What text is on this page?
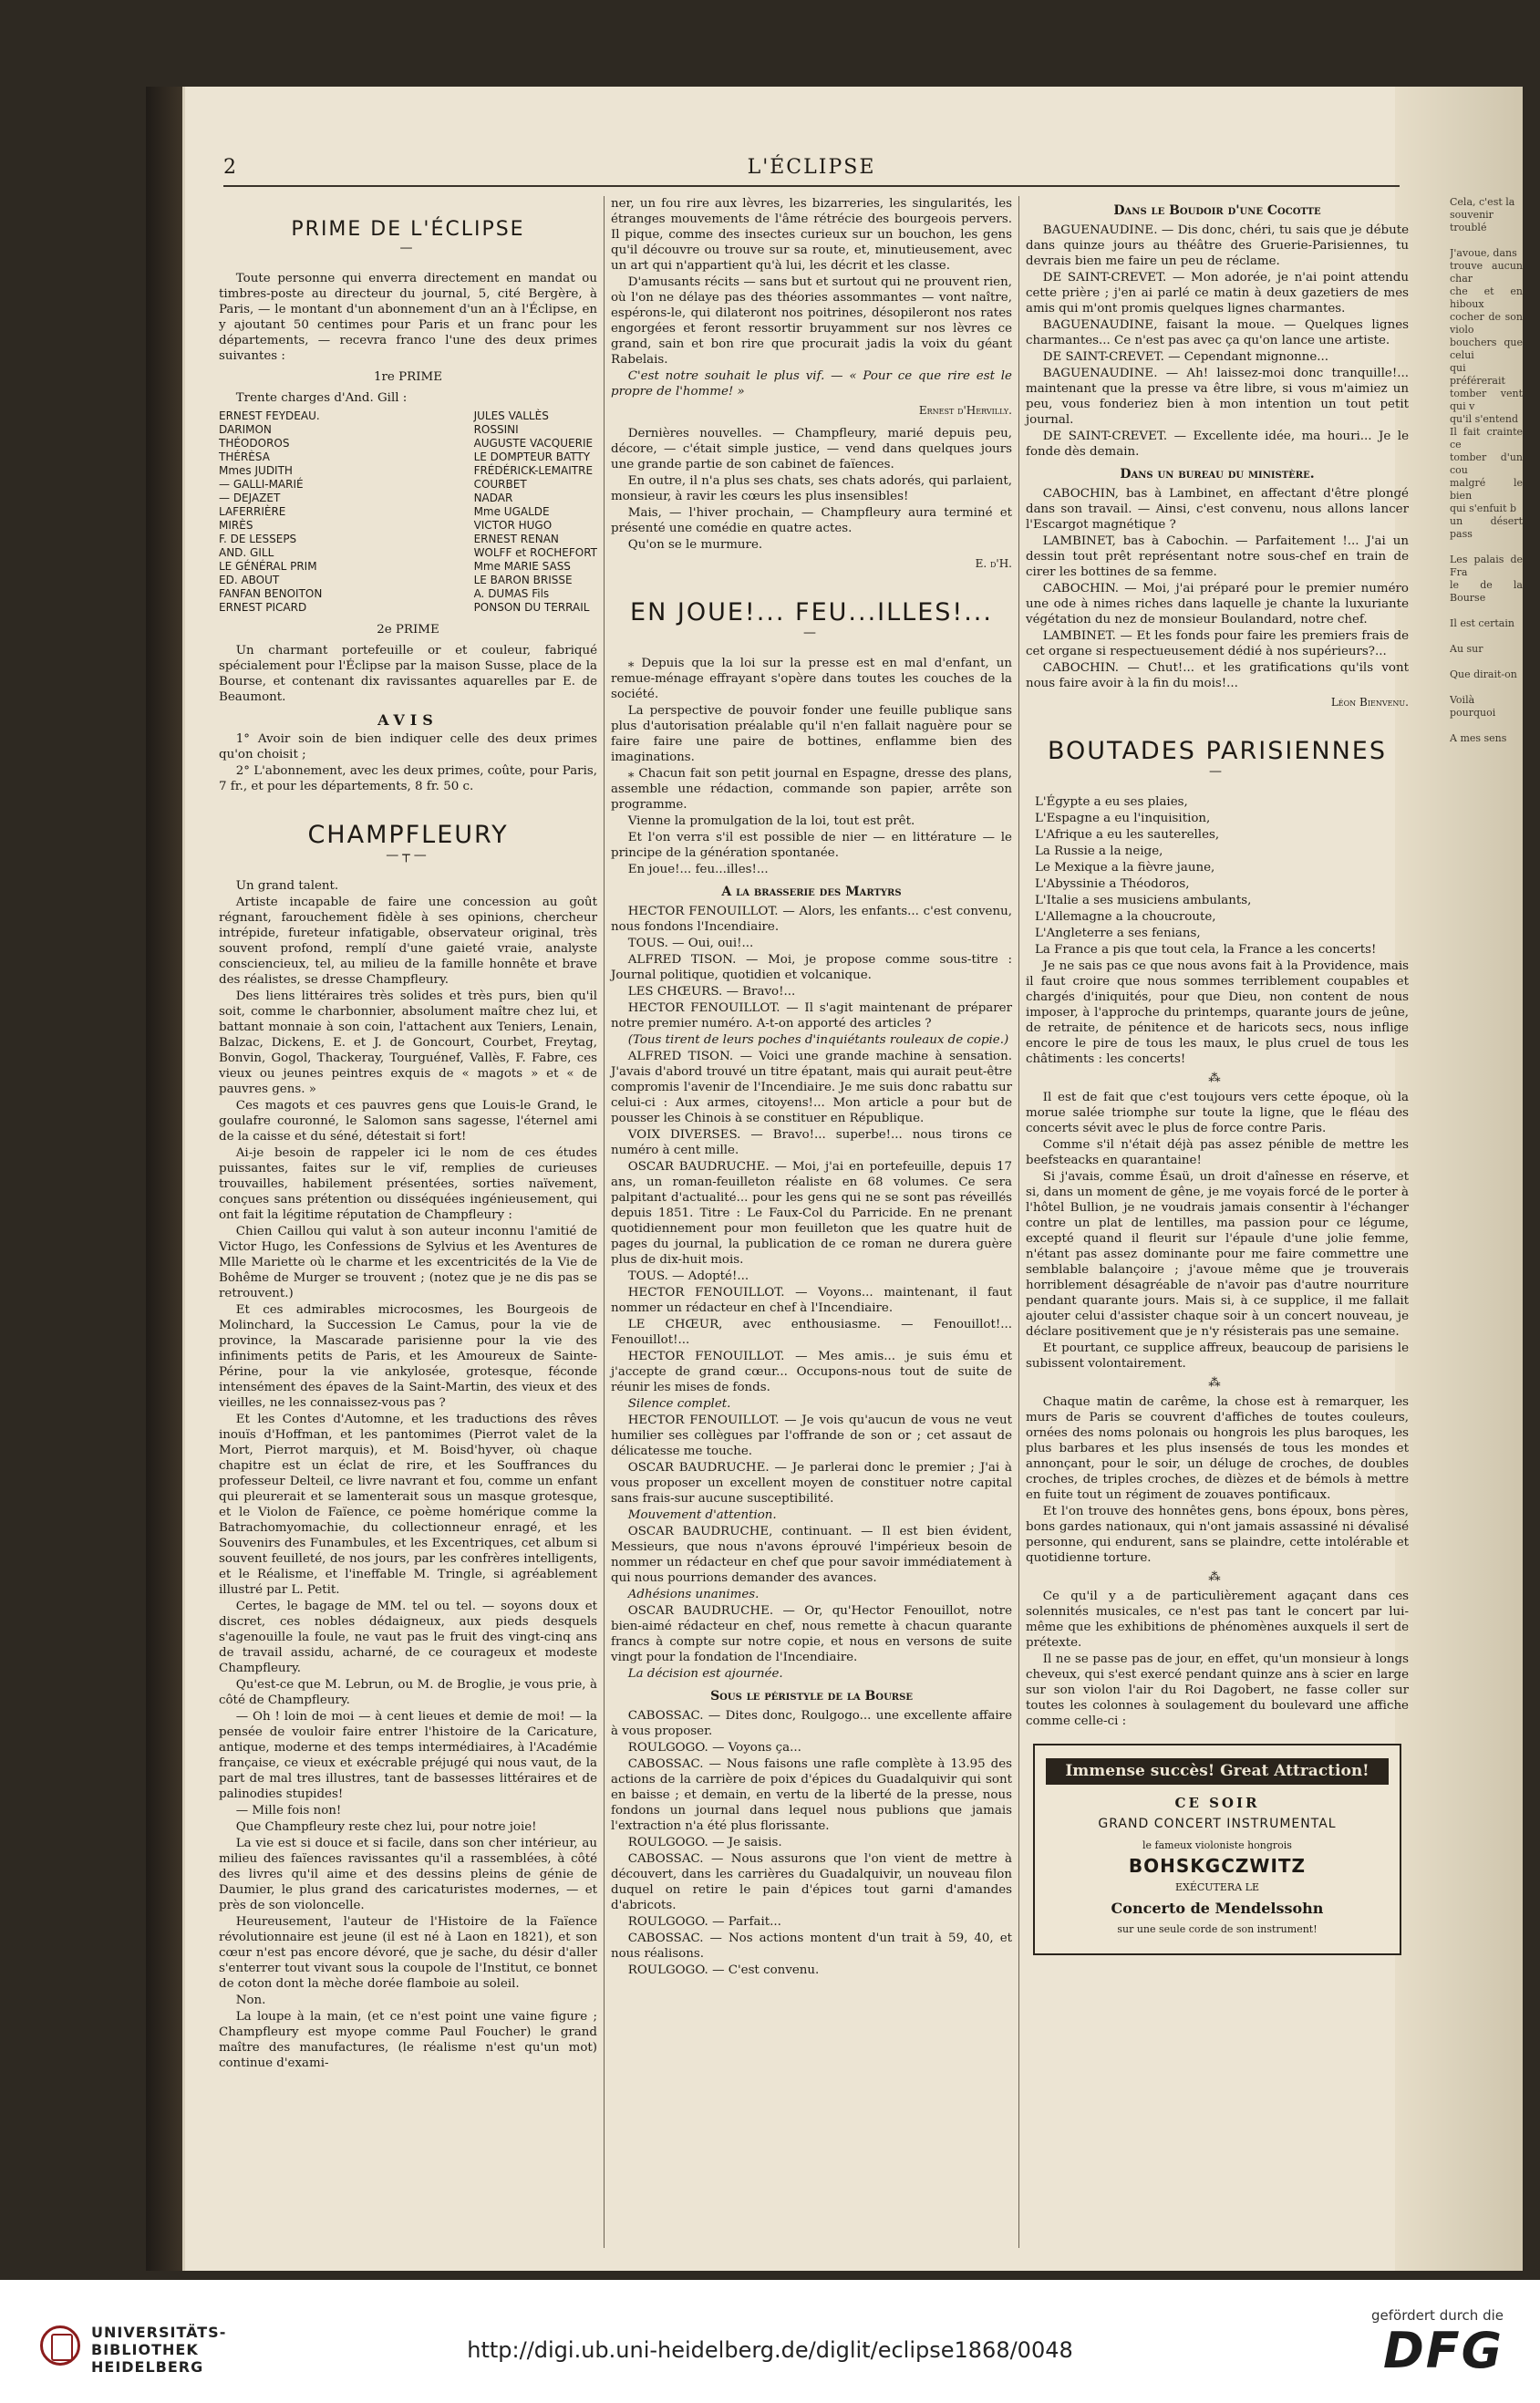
2	L'ÉCLIPSE
PRIME DE L'ÉCLIPSE
—

Toute personne qui enverra directement en mandat ou timbres-poste au directeur du journal, 5, cité Bergère, à Paris, — le montant d'un abonnement d'un an à l'Éclipse, en y ajoutant 50 centimes pour Paris et un franc pour les départements, — recevra franco l'une des deux primes suivantes :

1re PRIME

Trente charges d'And. Gill :

ERNEST FEYDEAU.
DARIMON
THÉODOROS
THÉRÈSA
Mmes JUDITH
— GALLI-MARIÉ
— DEJAZET
LAFERRIÈRE
MIRÈS
F. DE LESSEPS
AND. GILL
LE GÉNÉRAL PRIM
ED. ABOUT
FANFAN BENOITON
ERNEST PICARD
JULES VALLÈS
ROSSINI
AUGUSTE VACQUERIE
LE DOMPTEUR BATTY
FRÉDÉRICK-LEMAITRE
COURBET
NADAR
Mme UGALDE
VICTOR HUGO
ERNEST RENAN
WOLFF et ROCHEFORT
Mme MARIE SASS
LE BARON BRISSE
A. DUMAS Fils
PONSON DU TERRAIL
2e PRIME

Un charmant portefeuille or et couleur, fabriqué spécialement pour l'Éclipse par la maison Susse, place de la Bourse, et contenant dix ravissantes aquarelles par E. de Beaumont.

AVIS

1° Avoir soin de bien indiquer celle des deux primes qu'on choisit ;

2° L'abonnement, avec les deux primes, coûte, pour Paris, 7 fr., et pour les départements, 8 fr. 50 c.

CHAMPFLEURY
—┬—

Un grand talent.

Artiste incapable de faire une concession au goût régnant, farouchement fidèle à ses opinions, chercheur intrépide, fureteur infatigable, observateur original, très souvent profond, remplí d'une gaieté vraie, analyste consciencieux, tel, au milieu de la famille honnête et brave des réalistes, se dresse Champfleury.

Des liens littéraires très solides et très purs, bien qu'il soit, comme le charbonnier, absolument maître chez lui, et battant monnaie à son coin, l'attachent aux Teniers, Lenain, Balzac, Dickens, E. et J. de Goncourt, Courbet, Freytag, Bonvin, Gogol, Thackeray, Tourguénef, Vallès, F. Fabre, ces vieux ou jeunes peintres exquis de « magots » et « de pauvres gens. »

Ces magots et ces pauvres gens que Louis-le Grand, le goulafre couronné, le Salomon sans sagesse, l'éternel ami de la caisse et du séné, détestait si fort!

Ai-je besoin de rappeler ici le nom de ces études puissantes, faites sur le vif, remplies de curieuses trouvailles, habilement présentées, sorties naïvement, conçues sans prétention ou disséquées ingénieusement, qui ont fait la légitime réputation de Champfleury :

Chien Caillou qui valut à son auteur inconnu l'amitié de Victor Hugo, les Confessions de Sylvius et les Aventures de Mlle Mariette où le charme et les excentricités de la Vie de Bohême de Murger se trouvent ; (notez que je ne dis pas se retrouvent.)

Et ces admirables microcosmes, les Bourgeois de Molinchard, la Succession Le Camus, pour la vie de province, la Mascarade parisienne pour la vie des infiniments petits de Paris, et les Amoureux de Sainte-Périne, pour la vie ankylosée, grotesque, féconde intensément des épaves de la Saint-Martin, des vieux et des vieilles, ne les connaissez-vous pas ?

Et les Contes d'Automne, et les traductions des rêves inouïs d'Hoffman, et les pantomimes (Pierrot valet de la Mort, Pierrot marquis), et M. Boisd'hyver, où chaque chapitre est un éclat de rire, et les Souffrances du professeur Delteil, ce livre navrant et fou, comme un enfant qui pleurerait et se lamenterait sous un masque grotesque, et le Violon de Faïence, ce poème homérique comme la Batrachomyomachie, du collectionneur enragé, et les Souvenirs des Funambules, et les Excentriques, cet album si souvent feuilleté, de nos jours, par les confrères intelligents, et le Réalisme, et l'ineffable M. Tringle, si agréablement illustré par L. Petit.

Certes, le bagage de MM. tel ou tel. — soyons doux et discret, ces nobles dédaigneux, aux pieds desquels s'agenouille la foule, ne vaut pas le fruit des vingt-cinq ans de travail assidu, acharné, de ce courageux et modeste Champfleury.

Qu'est-ce que M. Lebrun, ou M. de Broglie, je vous prie, à côté de Champfleury.

— Oh ! loin de moi — à cent lieues et demie de moi! — la pensée de vouloir faire entrer l'histoire de la Caricature, antique, moderne et des temps intermédiaires, à l'Académie française, ce vieux et exécrable préjugé qui nous vaut, de la part de mal tres illustres, tant de bassesses littéraires et de palinodies stupides!

— Mille fois non!

Que Champfleury reste chez lui, pour notre joie!

La vie est si douce et si facile, dans son cher intérieur, au milieu des faïences ravissantes qu'il a rassemblées, à côté des livres qu'il aime et des dessins pleins de génie de Daumier, le plus grand des caricaturistes modernes, — et près de son violoncelle.

Heureusement, l'auteur de l'Histoire de la Faïence révolutionnaire est jeune (il est né à Laon en 1821), et son cœur n'est pas encore dévoré, que je sache, du désir d'aller s'enterrer tout vivant sous la coupole de l'Institut, ce bonnet de coton dont la mèche dorée flamboie au soleil.

Non.

La loupe à la main, (et ce n'est point une vaine figure ; Champfleury est myope comme Paul Foucher) le grand maître des manufactures, (le réalisme n'est qu'un mot) continue d'exami-

ner, un fou rire aux lèvres, les bizarreries, les singularités, les étranges mouvements de l'âme rétrécie des bourgeois pervers. Il pique, comme des insectes curieux sur un bouchon, les gens qu'il découvre ou trouve sur sa route, et, minutieusement, avec un art qui n'appartient qu'à lui, les décrit et les classe.

D'amusants récits — sans but et surtout qui ne prouvent rien, où l'on ne délaye pas des théories assommantes — vont naître, espérons-le, qui dilateront nos poitrines, désopileront nos rates engorgées et feront ressortir bruyamment sur nos lèvres ce grand, sain et bon rire que procurait jadis la voix du géant Rabelais.

C'est notre souhait le plus vif. — « Pour ce que rire est le propre de l'homme! »

Ernest d'Hervilly.

Dernières nouvelles. — Champfleury, marié depuis peu, décore, — c'était simple justice, — vend dans quelques jours une grande partie de son cabinet de faïences.

En outre, il n'a plus ses chats, ses chats adorés, qui parlaient, monsieur, à ravir les cœurs les plus insensibles!

Mais, — l'hiver prochain, — Champfleury aura terminé et présenté une comédie en quatre actes.

Qu'on se le murmure.

E. d'H.
EN JOUE!... FEU...ILLES!...
—

⁎ Depuis que la loi sur la presse est en mal d'enfant, un remue-ménage effrayant s'opère dans toutes les couches de la société.

La perspective de pouvoir fonder une feuille publique sans plus d'autorisation préalable qu'il n'en fallait naguère pour se faire faire une paire de bottines, enflamme bien des imaginations.

⁎ Chacun fait son petit journal en Espagne, dresse des plans, assemble une rédaction, commande son papier, arrête son programme.

Vienne la promulgation de la loi, tout est prêt.

Et l'on verra s'il est possible de nier — en littérature — le principe de la génération spontanée.

En joue!... feu...illes!...

A la brasserie des Martyrs

HECTOR FENOUILLOT. — Alors, les enfants... c'est convenu, nous fondons l'Incendiaire.

TOUS. — Oui, oui!...

ALFRED TISON. — Moi, je propose comme sous-titre : Journal politique, quotidien et volcanique.

LES CHŒURS. — Bravo!...

HECTOR FENOUILLOT. — Il s'agit maintenant de préparer notre premier numéro. A-t-on apporté des articles ?

(Tous tirent de leurs poches d'inquiétants rouleaux de copie.)

ALFRED TISON. — Voici une grande machine à sensation. J'avais d'abord trouvé un titre épatant, mais qui aurait peut-être compromis l'avenir de l'Incendiaire. Je me suis donc rabattu sur celui-ci : Aux armes, citoyens!... Mon article a pour but de pousser les Chinois à se constituer en République.

VOIX DIVERSES. — Bravo!... superbe!... nous tirons ce numéro à cent mille.

OSCAR BAUDRUCHE. — Moi, j'ai en portefeuille, depuis 17 ans, un roman-feuilleton réaliste en 68 volumes. Ce sera palpitant d'actualité... pour les gens qui ne se sont pas réveillés depuis 1851. Titre : Le Faux-Col du Parricide. En ne prenant quotidiennement pour mon feuilleton que les quatre huit de pages du journal, la publication de ce roman ne durera guère plus de dix-huit mois.

TOUS. — Adopté!...

HECTOR FENOUILLOT. — Voyons... maintenant, il faut nommer un rédacteur en chef à l'Incendiaire.

LE CHŒUR, avec enthousiasme. — Fenouillot!... Fenouillot!...

HECTOR FENOUILLOT. — Mes amis... je suis ému et j'accepte de grand cœur... Occupons-nous tout de suite de réunir les mises de fonds.

Silence complet.

HECTOR FENOUILLOT. — Je vois qu'aucun de vous ne veut humilier ses collègues par l'offrande de son or ; cet assaut de délicatesse me touche.

OSCAR BAUDRUCHE. — Je parlerai donc le premier ; J'ai à vous proposer un excellent moyen de constituer notre capital sans frais-sur aucune susceptibilité.

Mouvement d'attention.

OSCAR BAUDRUCHE, continuant. — Il est bien évident, Messieurs, que nous n'avons éprouvé l'impérieux besoin de nommer un rédacteur en chef que pour savoir immédiatement à qui nous pourrions demander des avances.

Adhésions unanimes.

OSCAR BAUDRUCHE. — Or, qu'Hector Fenouillot, notre bien-aimé rédacteur en chef, nous remette à chacun quarante francs à compte sur notre copie, et nous en versons de suite vingt pour la fondation de l'Incendiaire.

La décision est ajournée.

Sous le péristyle de la Bourse

CABOSSAC. — Dites donc, Roulgogo... une excellente affaire à vous proposer.

ROULGOGO. — Voyons ça...

CABOSSAC. — Nous faisons une rafle complète à 13.95 des actions de la carrière de poix d'épices du Guadalquivir qui sont en baisse ; et demain, en vertu de la liberté de la presse, nous fondons un journal dans lequel nous publions que jamais l'extraction n'a été plus florissante.

ROULGOGO. — Je saisis.

CABOSSAC. — Nous assurons que l'on vient de mettre à découvert, dans les carrières du Guadalquivir, un nouveau filon duquel on retire le pain d'épices tout garni d'amandes d'abricots.

ROULGOGO. — Parfait...

CABOSSAC. — Nos actions montent d'un trait à 59, 40, et nous réalisons.

ROULGOGO. — C'est convenu.

Dans le Boudoir d'une Cocotte

BAGUENAUDINE. — Dis donc, chéri, tu sais que je débute dans quinze jours au théâtre des Gruerie-Parisiennes, tu devrais bien me faire un peu de réclame.

DE SAINT-CREVET. — Mon adorée, je n'ai point attendu cette prière ; j'en ai parlé ce matin à deux gazetiers de mes amis qui m'ont promis quelques lignes charmantes.

BAGUENAUDINE, faisant la moue. — Quelques lignes charmantes... Ce n'est pas avec ça qu'on lance une artiste.

DE SAINT-CREVET. — Cependant mignonne...

BAGUENAUDINE. — Ah! laissez-moi donc tranquille!... maintenant que la presse va être libre, si vous m'aimiez un peu, vous fonderiez bien à mon intention un tout petit journal.

DE SAINT-CREVET. — Excellente idée, ma houri... Je le fonde dès demain.

Dans un bureau du ministère.

CABOCHIN, bas à Lambinet, en affectant d'être plongé dans son travail. — Ainsi, c'est convenu, nous allons lancer l'Escargot magnétique ?

LAMBINET, bas à Cabochin. — Parfaitement !... J'ai un dessin tout prêt représentant notre sous-chef en train de cirer les bottines de sa femme.

CABOCHIN. — Moi, j'ai préparé pour le premier numéro une ode à nimes riches dans laquelle je chante la luxuriante végétation du nez de monsieur Boulandard, notre chef.

LAMBINET. — Et les fonds pour faire les premiers frais de cet organe si respectueusement dédié à nos supérieurs?...

CABOCHIN. — Chut!... et les gratifications qu'ils vont nous faire avoir à la fin du mois!...

Léon Bienvenu.
BOUTADES PARISIENNES
—

L'Égypte a eu ses plaies,

L'Espagne a eu l'inquisition,

L'Afrique a eu les sauterelles,

La Russie a la neige,

Le Mexique a la fièvre jaune,

L'Abyssinie a Théodoros,

L'Italie a ses musiciens ambulants,

L'Allemagne a la choucroute,

L'Angleterre a ses fenians,

La France a pis que tout cela, la France a les concerts!

Je ne sais pas ce que nous avons fait à la Providence, mais il faut croire que nous sommes terriblement coupables et chargés d'iniquités, pour que Dieu, non content de nous imposer, à l'approche du printemps, quarante jours de jeûne, de retraite, de pénitence et de haricots secs, nous inflige encore le pire de tous les maux, le plus cruel de tous les châtiments : les concerts!

⁂

Il est de fait que c'est toujours vers cette époque, où la morue salée triomphe sur toute la ligne, que le fléau des concerts sévit avec le plus de force contre Paris.

Comme s'il n'était déjà pas assez pénible de mettre les beefsteacks en quarantaine!

Si j'avais, comme Ésaü, un droit d'aînesse en réserve, et si, dans un moment de gêne, je me voyais forcé de le porter à l'hôtel Bullion, je ne voudrais jamais consentir à l'échanger contre un plat de lentilles, ma passion pour ce légume, excepté quand il fleurit sur l'épaule d'une jolie femme, n'étant pas assez dominante pour me faire commettre une semblable balançoire ; j'avoue même que je trouverais horriblement désagréable de n'avoir pas d'autre nourriture pendant quarante jours. Mais si, à ce supplice, il me fallait ajouter celui d'assister chaque soir à un concert nouveau, je déclare positivement que je n'y résisterais pas une semaine.

Et pourtant, ce supplice affreux, beaucoup de parisiens le subissent volontairement.

⁂

Chaque matin de carême, la chose est à remarquer, les murs de Paris se couvrent d'affiches de toutes couleurs, ornées des noms polonais ou hongrois les plus baroques, les plus barbares et les plus insensés de tous les mondes et annonçant, pour le soir, un déluge de croches, de doubles croches, de triples croches, de dièzes et de bémols à mettre en fuite tout un régiment de zouaves pontificaux.

Et l'on trouve des honnêtes gens, bons époux, bons pères, bons gardes nationaux, qui n'ont jamais assassiné ni dévalisé personne, qui endurent, sans se plaindre, cette intolérable et quotidienne torture.

⁂

Ce qu'il y a de particulièrement agaçant dans ces solennités musicales, ce n'est pas tant le concert par lui-même que les exhibitions de phénomènes auxquels il sert de prétexte.

Il ne se passe pas de jour, en effet, qu'un monsieur à longs cheveux, qui s'est exercé pendant quinze ans à scier en large sur son violon l'air du Roi Dagobert, ne fasse coller sur toutes les colonnes à soulagement du boulevard une affiche comme celle-ci :

Immense succès! Great Attraction!
CE SOIR
GRAND CONCERT INSTRUMENTAL
le fameux violoniste hongrois
BOHSKGCZWITZ
EXÉCUTERA LE
Concerto de Mendelssohn
sur une seule corde de son instrument!
Cela, c'est la
souvenir troublé

J'avoue, dans
trouve aucun char
che et en hiboux
cocher de son violo
bouchers que celui
qui préférerait
tomber vent qui v
qu'il s'entend
Il fait crainte ce
tomber d'un cou
malgré le bien
qui s'enfuit b
un désert pass

Les palais de Fra
le de la Bourse

Il est certain

Au sur

Que dirait-on

Voilà pourquoi

A mes sens
UNIVERSITÄTS-
BIBLIOTHEK
HEIDELBERG
http://digi.ub.uni-heidelberg.de/diglit/eclipse1868/0048
gefördert durch die
DFG
